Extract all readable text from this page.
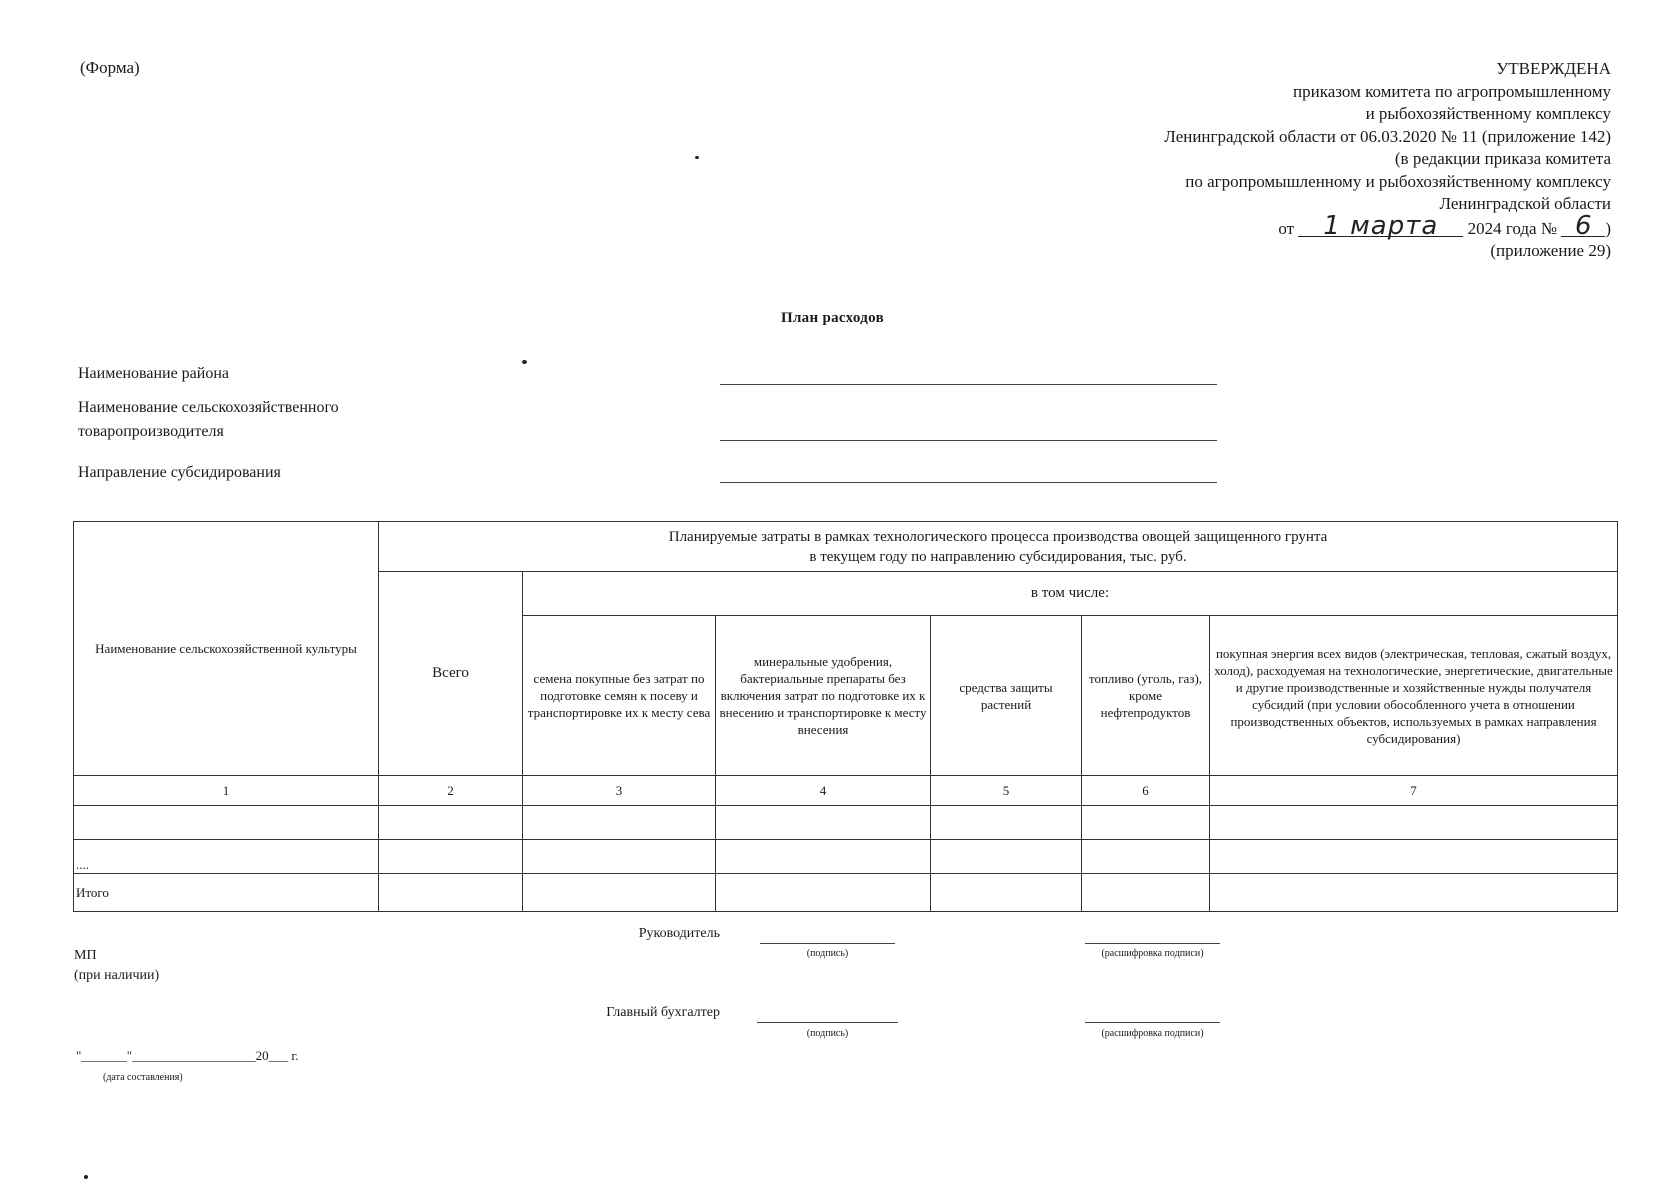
(Форма)	УТВЕРЖДЕНА
приказом комитета по агропромышленному
и рыбохозяйственному комплексу
Ленинградской области от 06.03.2020 № 11 (приложение 142)
(в редакции приказа комитета
по агропромышленному и рыбохозяйственному комплексу
Ленинградской области
от 1 марта 2024 года № 6 )
(приложение 29)
План расходов
Наименование района
Наименование сельскохозяйственного
товаропроизводителя
Направление субсидирования
Наименование сельскохозяйственной культуры	Планируемые затраты в рамках технологического процесса производства овощей защищенного грунта
в текущем году по направлению субсидирования, тыс. руб.					

	Всего	в том числе:				
		семена покупные без затрат по подготовке семян к посеву и транспортировке их к месту сева	минеральные удобрения, бактериальные препараты без включения затрат по подготовке их к внесению и транспортировке к месту внесения	средства защиты растений	топливо (уголь, газ), кроме нефтепродуктов	покупная энергия всех видов (электрическая, тепловая, сжатый воздух, холод), расходуемая на технологические, энергетические, двигательные и другие производственные и хозяйственные нужды получателя субсидий (при условии обособленного учета в отношении производственных объектов, используемых в рамках направления субсидирования)
1	2	3	4	5	6	7

....						
Итого						
Руководитель
(подпись)	(расшифровка подписи)
МП
(при наличии)
Главный бухгалтер
(подпись)	(расшифровка подписи)
"_______"___________________20___ г.
(дата составления)
